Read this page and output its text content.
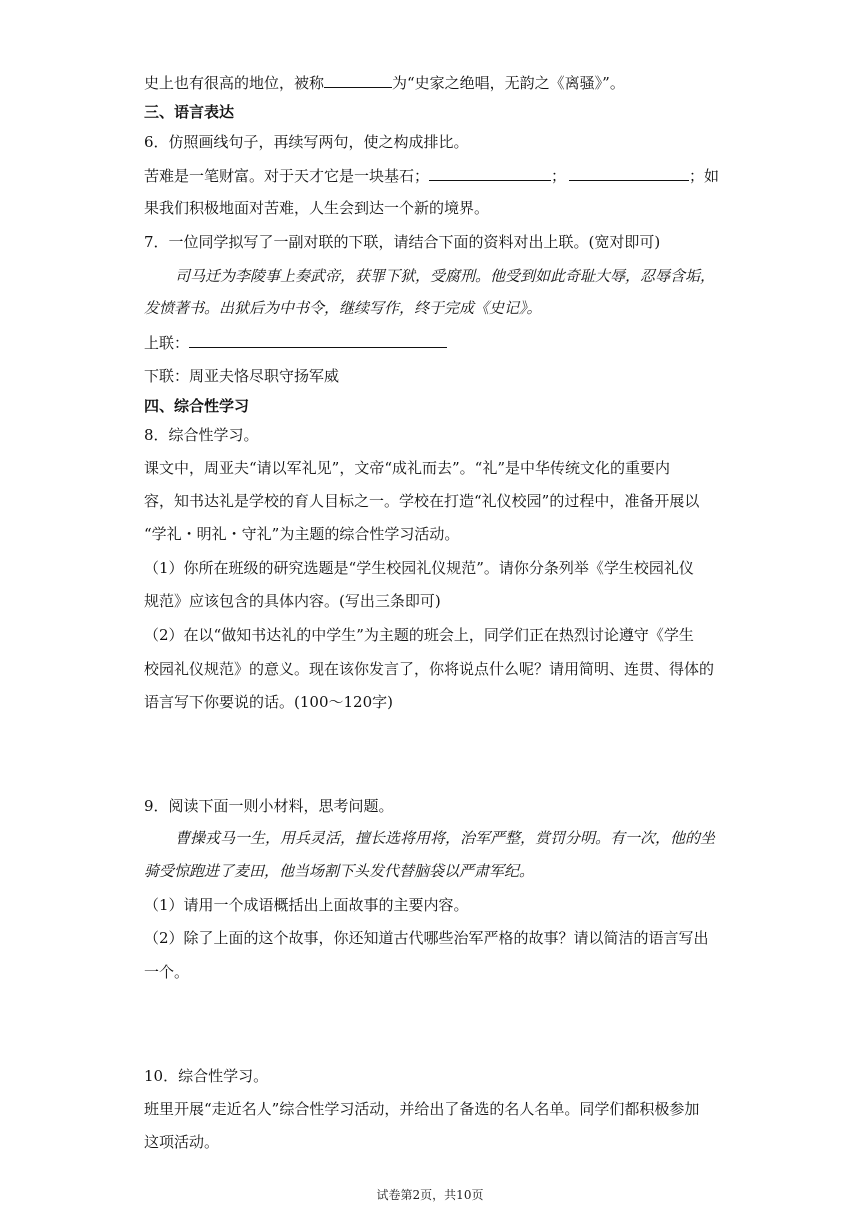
史上也有很高的地位，被称	为“史家之绝唱，无韵之《离骚》”。
三、语言表达
6．仿照画线句子，再续写两句，使之构成排比。
苦难是一笔财富。对于天才它是一块基石；	；	；如
果我们积极地面对苦难，人生会到达一个新的境界。
7．一位同学拟写了一副对联的下联，请结合下面的资料对出上联。(宽对即可)
司马迁为李陵事上奏武帝，获罪下狱，受腐刑。他受到如此奇耻大辱，忍辱含垢，
发愤著书。出狱后为中书令，继续写作，终于完成《史记》。
上联：
下联：周亚夫恪尽职守扬军威
四、综合性学习
8．综合性学习。
课文中，周亚夫“请以军礼见”，文帝“成礼而去”。“礼”是中华传统文化的重要内
容，知书达礼是学校的育人目标之一。学校在打造“礼仪校园”的过程中，准备开展以
“学礼・明礼・守礼”为主题的综合性学习活动。
（1）你所在班级的研究选题是“学生校园礼仪规范”。请你分条列举《学生校园礼仪
规范》应该包含的具体内容。(写出三条即可)
（2）在以“做知书达礼的中学生”为主题的班会上，同学们正在热烈讨论遵守《学生
校园礼仪规范》的意义。现在该你发言了，你将说点什么呢？请用简明、连贯、得体的
语言写下你要说的话。(100～120字)
9．阅读下面一则小材料，思考问题。
曹操戎马一生，用兵灵活，擅长选将用将，治军严整，赏罚分明。有一次，他的坐
骑受惊跑进了麦田，他当场割下头发代替脑袋以严肃军纪。
（1）请用一个成语概括出上面故事的主要内容。
（2）除了上面的这个故事，你还知道古代哪些治军严格的故事？请以简洁的语言写出
一个。
10．综合性学习。
班里开展“走近名人”综合性学习活动，并给出了备选的名人名单。同学们都积极参加
这项活动。
试卷第2页，共10页
